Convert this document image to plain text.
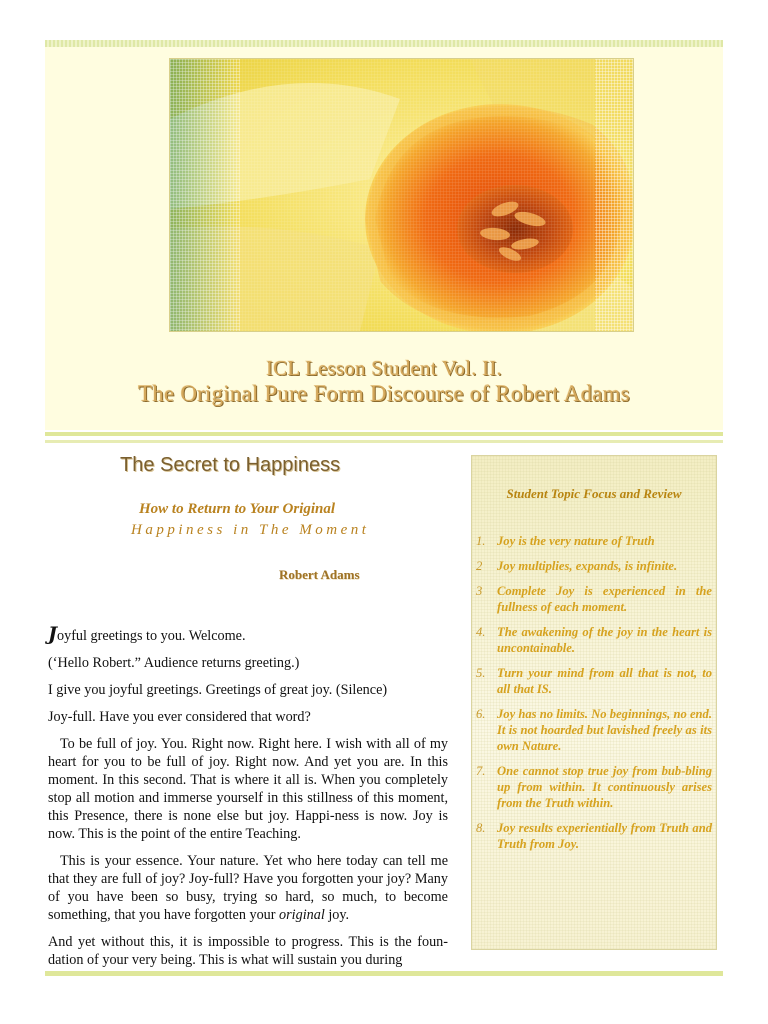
ICL Lesson Student Vol. II.
The Original Pure Form Discourse of Robert Adams
The Secret to Happiness
How to Return to Your Original
Happiness in The Moment
Robert Adams

Joyful greetings to you. Welcome.

(‘Hello Robert.” Audience returns greeting.)

I give you joyful greetings. Greetings of great joy. (Silence)

Joy-full. Have you ever considered that word?

To be full of joy. You. Right now. Right here. I wish with all of my heart for you to be full of joy. Right now. And yet you are. In this moment. In this second. That is where it all is. When you completely stop all motion and immerse yourself in this stillness of this moment, this Presence, there is none else but joy. Happi-ness is now. Joy is now. This is the point of the entire Teaching.

This is your essence. Your nature. Yet who here today can tell me that they are full of joy? Joy-full? Have you forgotten your joy? Many of you have been so busy, trying so hard, so much, to become something, that you have forgotten your original joy.

And yet without this, it is impossible to progress. This is the foun-dation of your very being. This is what will sustain you during

Student Topic Focus and Review
1. Joy is the very nature of Truth
2 Joy multiplies, expands, is infinite.
3 Complete Joy is experienced in the fullness of each moment.
4. The awakening of the joy in the heart is uncontainable.
5. Turn your mind from all that is not, to all that IS.
6. Joy has no limits. No beginnings, no end. It is not hoarded but lavished freely as its own Nature.
7. One cannot stop true joy from bub-bling up from within. It continuously arises from the Truth within.
8. Joy results experientially from Truth and Truth from Joy.
